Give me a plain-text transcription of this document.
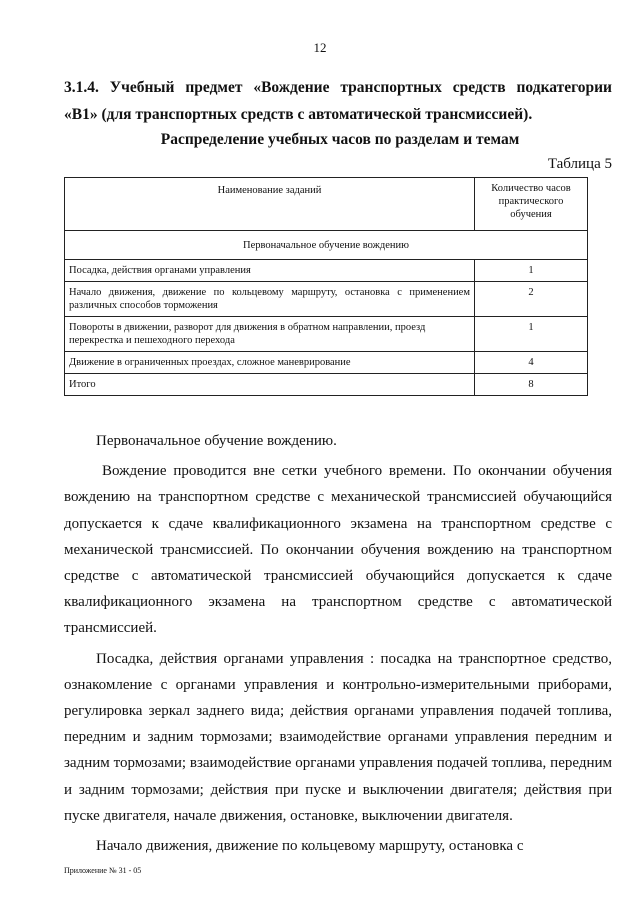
12
3.1.4. Учебный предмет «Вождение транспортных средств подкатегории
«B1» (для транспортных средств с автоматической трансмиссией).
Распределение учебных часов по разделам и темам
Таблица 5
Наименование заданий	Количество часов практического обучения
Первоначальное обучение вождению	
Посадка, действия органами управления	1
Начало движения, движение по кольцевому маршруту, остановка с применением различных способов торможения	2
Повороты в движении, разворот для движения в обратном направлении, проезд перекрестка и пешеходного перехода	1
Движение в ограниченных проездах, сложное маневрирование	4
Итого	8

Первоначальное обучение вождению.

Вождение проводится вне сетки учебного времени. По окончании обучения вождению на транспортном средстве с механической трансмиссией обучающийся допускается к сдаче квалификационного экзамена на транспортном средстве с механической трансмиссией. По окончании обучения вождению на транспортном средстве с автоматической трансмиссией обучающийся допускается к сдаче квалификационного экзамена на транспортном средстве с автоматической трансмиссией.

Посадка, действия органами управления : посадка на транспортное средство, ознакомление с органами управления и контрольно-измерительными приборами, регулировка зеркал заднего вида; действия органами управления подачей топлива, передним и задним тормозами; взаимодействие органами управления передним и задним тормозами; взаимодействие органами управления подачей топлива, передним и задним тормозами; действия при пуске и выключении двигателя; действия при пуске двигателя, начале движения, остановке, выключении двигателя.

Начало движения, движение по кольцевому маршруту, остановка с

Приложение № 31 - 05
